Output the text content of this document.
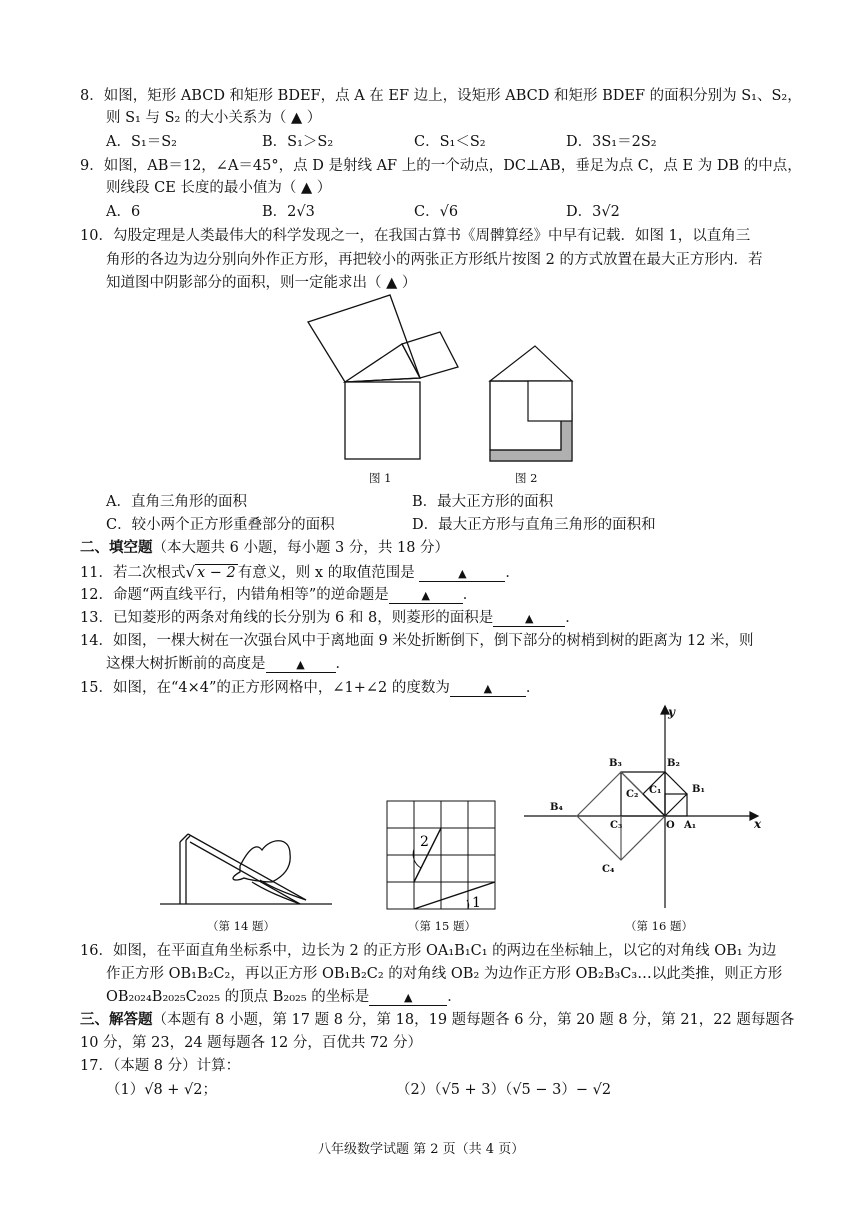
8．如图，矩形 ABCD 和矩形 BDEF，点 A 在 EF 边上，设矩形 ABCD 和矩形 BDEF 的面积分别为 S₁、S₂，
则 S₁ 与 S₂ 的大小关系为（ ▲ ）
A．S₁＝S₂	B．S₁＞S₂	C．S₁＜S₂	D．3S₁＝2S₂
9．如图，AB＝12，∠A＝45°，点 D 是射线 AF 上的一个动点，DC⊥AB，垂足为点 C，点 E 为 DB 的中点，
则线段 CE 长度的最小值为（ ▲ ）
A．6	B．2√3	C．√6	D．3√2
10．勾股定理是人类最伟大的科学发现之一，在我国古算书《周髀算经》中早有记载．如图 1，以直角三
角形的各边为边分别向外作正方形，再把较小的两张正方形纸片按图 2 的方式放置在最大正方形内．若
知道图中阴影部分的面积，则一定能求出（ ▲ ）
图 1	图 2
A．直角三角形的面积	B．最大正方形的面积
C．较小两个正方形重叠部分的面积	D．最大正方形与直角三角形的面积和
二、填空题（本大题共 6 小题，每小题 3 分，共 18 分）
11．若二次根式√ x − 2 有意义，则 x 的取值范围是	▲	．
12．命题“两直线平行，内错角相等”的逆命题是	▲ ．
13．已知菱形的两条对角线的长分别为 6 和 8，则菱形的面积是	▲ ．
14．如图，一棵大树在一次强台风中于离地面 9 米处折断倒下，倒下部分的树梢到树的距离为 12 米，则
这棵大树折断前的高度是	▲ ．
15．如图，在“4×4”的正方形网格中，∠1+∠2 的度数为	▲ ．
（第 14 题）
2
1
（第 15 题）
y
x
O
B₃	B₂
B₁
B₄
C₂ C₁
C₃	A₁
C₄
（第 16 题）
16．如图，在平面直角坐标系中，边长为 2 的正方形 OA₁B₁C₁ 的两边在坐标轴上，以它的对角线 OB₁ 为边
作正方形 OB₁B₂C₂，再以正方形 OB₁B₂C₂ 的对角线 OB₂ 为边作正方形 OB₂B₃C₃…以此类推，则正方形
OB₂₀₂₄B₂₀₂₅C₂₀₂₅ 的顶点 B₂₀₂₅ 的坐标是	▲ ．
三、解答题（本题有 8 小题，第 17 题 8 分，第 18，19 题每题各 6 分，第 20 题 8 分，第 21，22 题每题各
10 分，第 23，24 题每题各 12 分，百优共 72 分）
17．（本题 8 分）计算：
（1）√8 + √2；	（2）（√5 + 3）（√5 − 3）− √2
八年级数学试题 第 2 页（共 4 页）
